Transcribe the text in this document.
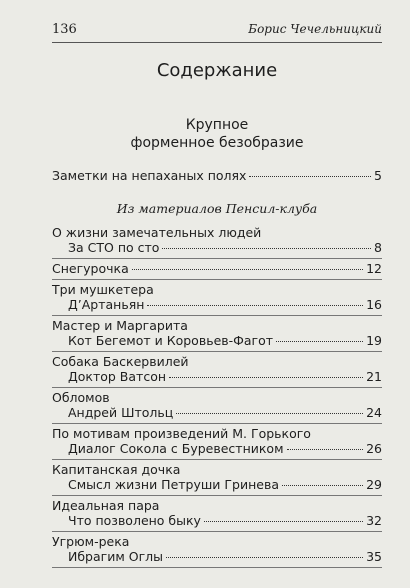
136	Борис Чечельницкий
Содержание
Крупное
форменное безобразие
Заметки на непаханых полях	5
Из материалов Пенсил-клуба
О жизни замечательных людей
За СТО по сто	8
Снегурочка	12
Три мушкетера
Д’Артаньян	16
Мастер и Маргарита
Кот Бегемот и Коровьев-Фагот	19
Собака Баскервилей
Доктор Ватсон	21
Обломов
Андрей Штольц	24
По мотивам произведений М. Горького
Диалог Сокола с Буревестником	26
Капитанская дочка
Смысл жизни Петруши Гринева	29
Идеальная пара
Что позволено быку	32
Угрюм-река
Ибрагим Оглы	35
